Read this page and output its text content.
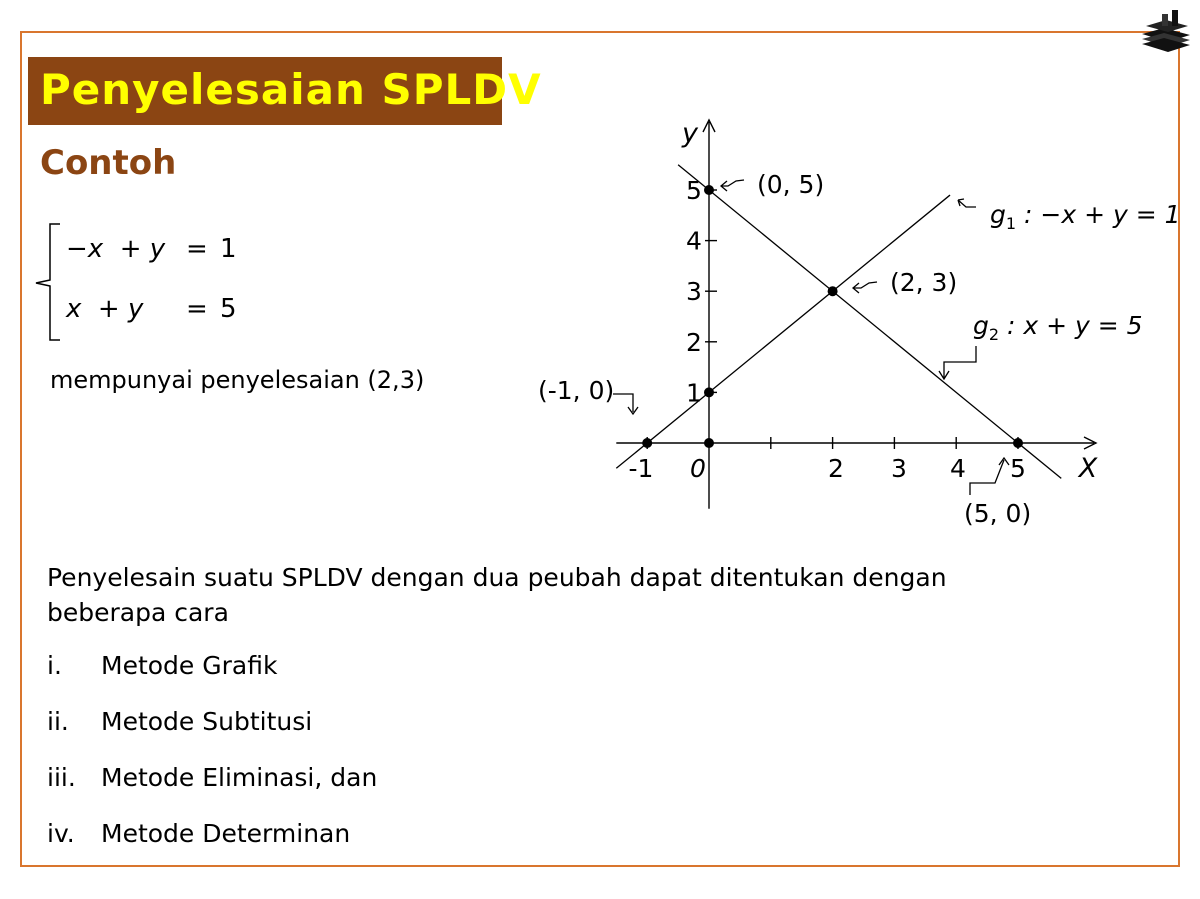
Penyelesaian SPLDV
Contoh
−x  + y = 1
x  + y = 5
mempunyai penyelesaian (2,3)
-1 0	2 3 4 5
1
2
3
4
5
X
y
(0, 5)
(2, 3)
(-1, 0)
(5, 0)
$g_1$ : −x + y = 1
$g_2$ : x + y = 5
Penyelesain suatu SPLDV dengan dua peubah dapat ditentukan dengan beberapa cara
i. Metode Grafik
ii. Metode Subtitusi
iii. Metode Eliminasi, dan
iv. Metode Determinan
